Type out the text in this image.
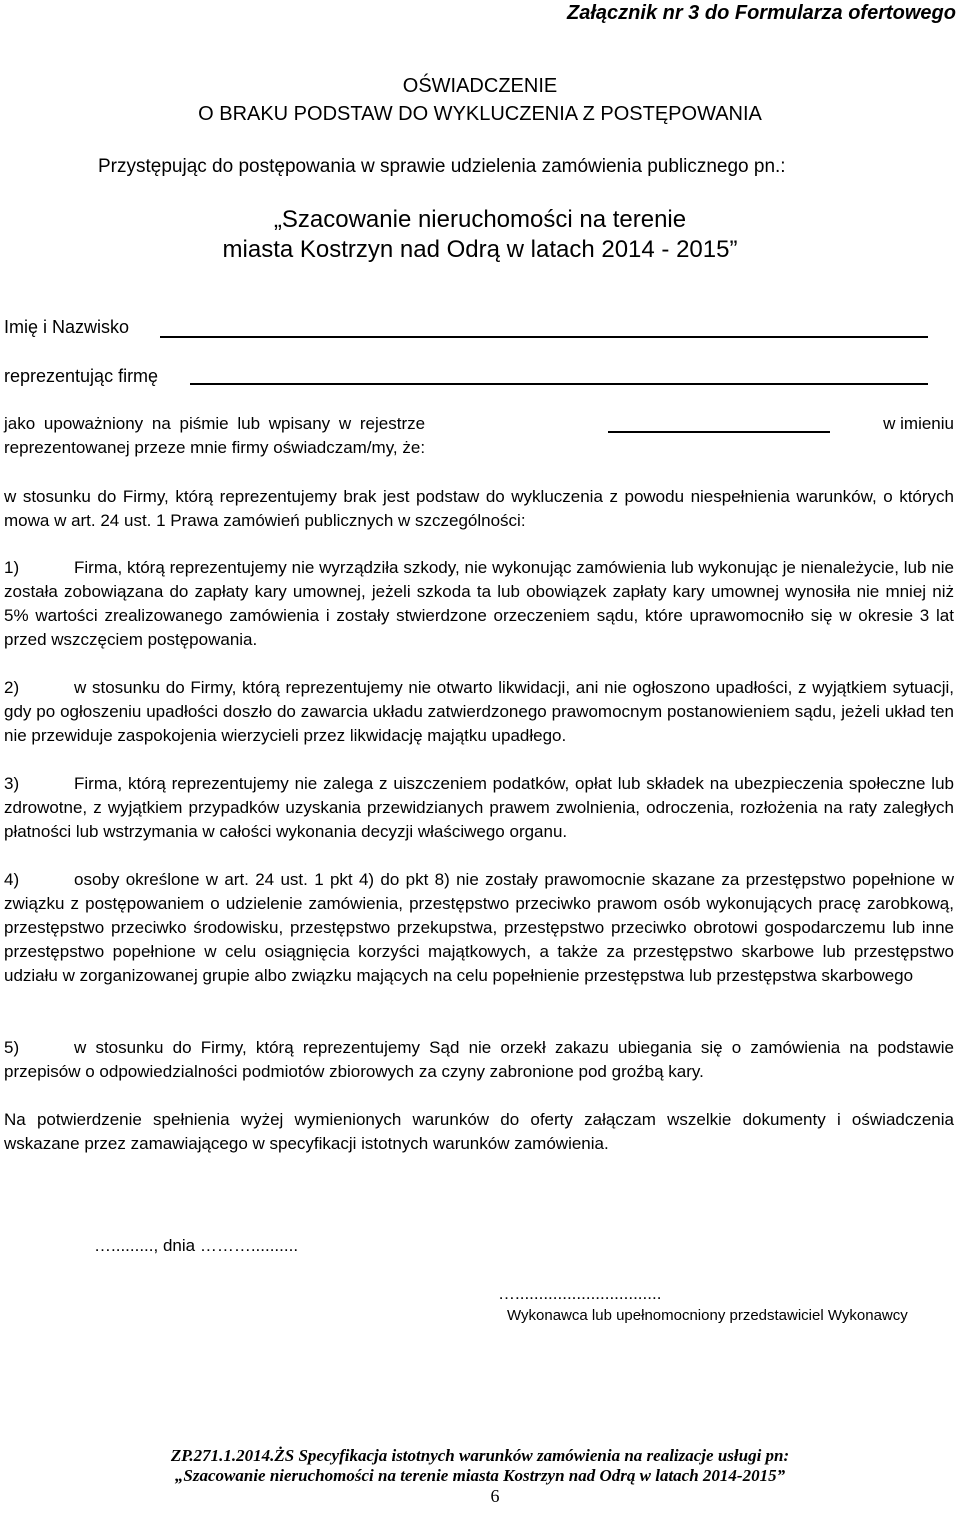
Załącznik nr 3 do Formularza ofertowego
OŚWIADCZENIE
O BRAKU PODSTAW DO WYKLUCZENIA Z POSTĘPOWANIA
Przystępując do postępowania w sprawie udzielenia zamówienia publicznego pn.:
„Szacowanie nieruchomości na terenie
miasta Kostrzyn nad Odrą w latach 2014 - 2015”
Imię i Nazwisko
reprezentując firmę
jako upoważniony na piśmie lub wpisany w rejestrze	w imieniu
reprezentowanej przeze mnie firmy oświadczam/my, że:
w stosunku do Firmy, którą reprezentujemy brak jest podstaw do wykluczenia z powodu niespełnienia warunków, o których mowa w art. 24 ust. 1 Prawa zamówień publicznych w szczególności:
1)	Firma, którą reprezentujemy nie wyrządziła szkody, nie wykonując zamówienia lub wykonując je nienależycie, lub nie została zobowiązana do zapłaty kary umownej, jeżeli szkoda ta lub obowiązek zapłaty kary umownej wynosiła nie mniej niż 5% wartości zrealizowanego zamówienia i zostały stwierdzone orzeczeniem sądu, które uprawomocniło się w okresie 3 lat przed wszczęciem postępowania.
2)	w stosunku do Firmy, którą reprezentujemy nie otwarto likwidacji, ani nie ogłoszono upadłości, z wyjątkiem sytuacji, gdy po ogłoszeniu upadłości doszło do zawarcia układu zatwierdzonego prawomocnym postanowieniem sądu, jeżeli układ ten nie przewiduje zaspokojenia wierzycieli przez likwidację majątku upadłego.
3)	Firma, którą reprezentujemy nie zalega z uiszczeniem podatków, opłat lub składek na ubezpieczenia społeczne lub zdrowotne, z wyjątkiem przypadków uzyskania przewidzianych prawem zwolnienia, odroczenia, rozłożenia na raty zaległych płatności lub wstrzymania w całości wykonania decyzji właściwego organu.
4)	osoby określone w art. 24 ust. 1 pkt 4) do pkt 8) nie zostały prawomocnie skazane za przestępstwo popełnione w związku z postępowaniem o udzielenie zamówienia, przestępstwo przeciwko prawom osób wykonujących pracę zarobkową, przestępstwo przeciwko środowisku, przestępstwo przekupstwa, przestępstwo przeciwko obrotowi gospodarczemu lub inne przestępstwo popełnione w celu osiągnięcia korzyści majątkowych, a także za przestępstwo skarbowe lub przestępstwo udziału w zorganizowanej grupie albo związku mających na celu popełnienie przestępstwa lub przestępstwa skarbowego
5)	w stosunku do Firmy, którą reprezentujemy Sąd nie orzekł zakazu ubiegania się o zamówienia na podstawie przepisów o odpowiedzialności podmiotów zbiorowych za czyny zabronione pod groźbą kary.
Na potwierdzenie spełnienia wyżej wymienionych warunków do oferty załączam wszelkie dokumenty i oświadczenia wskazane przez zamawiającego w specyfikacji istotnych warunków zamówienia.
…........., dnia ………..........
…...............................
Wykonawca lub upełnomocniony przedstawiciel Wykonawcy
ZP.271.1.2014.ŻS Specyfikacja istotnych warunków zamówienia na realizacje usługi pn:
„Szacowanie nieruchomości na terenie miasta Kostrzyn nad Odrą w latach 2014-2015”
6
